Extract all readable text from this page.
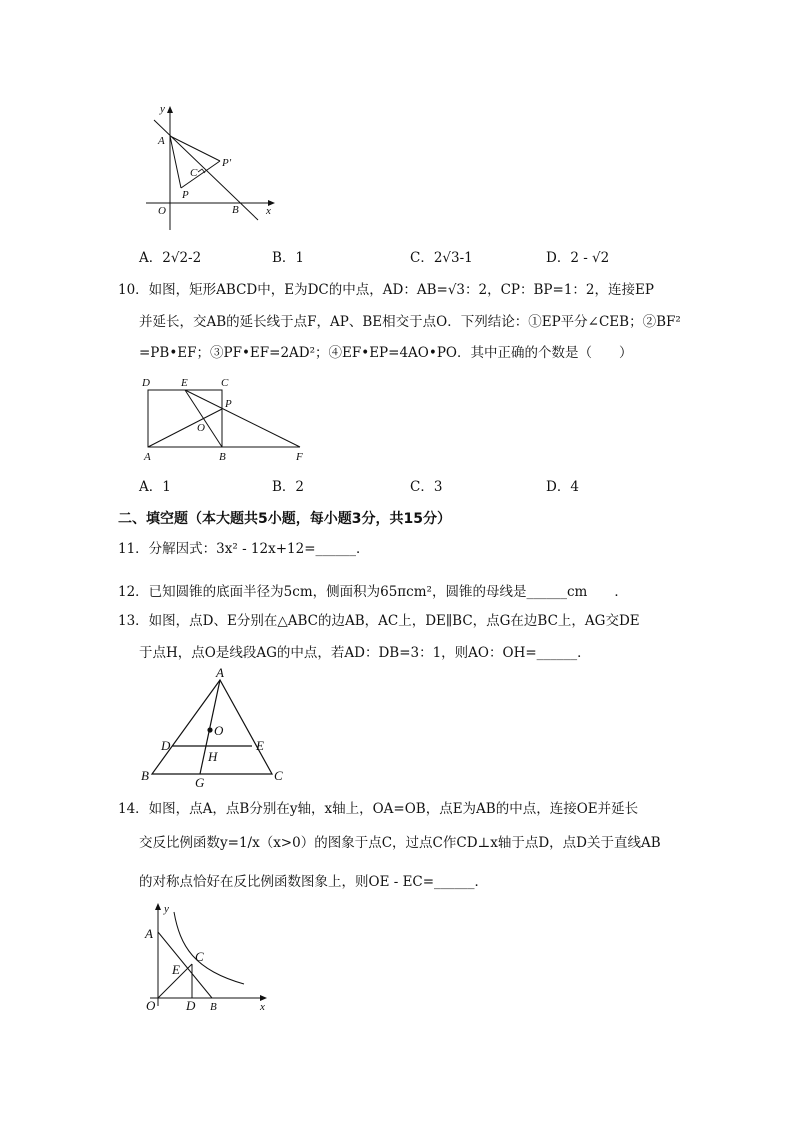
y
x
A
O	B
P
P′
C
A．2√2-2	B．1	C．2√3-1	D．2 - √2
10．如图，矩形ABCD中，E为DC的中点，AD：AB=√3：2，CP：BP=1：2，连接EP
并延长，交AB的延长线于点F，AP、BE相交于点O．下列结论：①EP平分∠CEB；②BF²
=PB•EF；③PF•EF=2AD²；④EF•EP=4AO•PO．其中正确的个数是（　　）
D	E	C
P
O
A	B	F
A．1	B．2	C．3	D．4
二、填空题（本大题共5小题，每小题3分，共15分）
11．分解因式：3x² - 12x+12=______．
12．已知圆锥的底面半径为5cm，侧面积为65πcm²，圆锥的母线是______cm　　．
13．如图，点D、E分别在△ABC的边AB，AC上，DE∥BC，点G在边BC上，AG交DE
于点H，点O是线段AG的中点，若AD：DB=3：1，则AO：OH=______．
A
O
D	E
H
B	G	C
14．如图，点A，点B分别在y轴，x轴上，OA=OB，点E为AB的中点，连接OE并延长
交反比例函数y=1/x（x>0）的图象于点C，过点C作CD⊥x轴于点D，点D关于直线AB
的对称点恰好在反比例函数图象上，则OE - EC=______．
y
x
A
E
C
O D B
